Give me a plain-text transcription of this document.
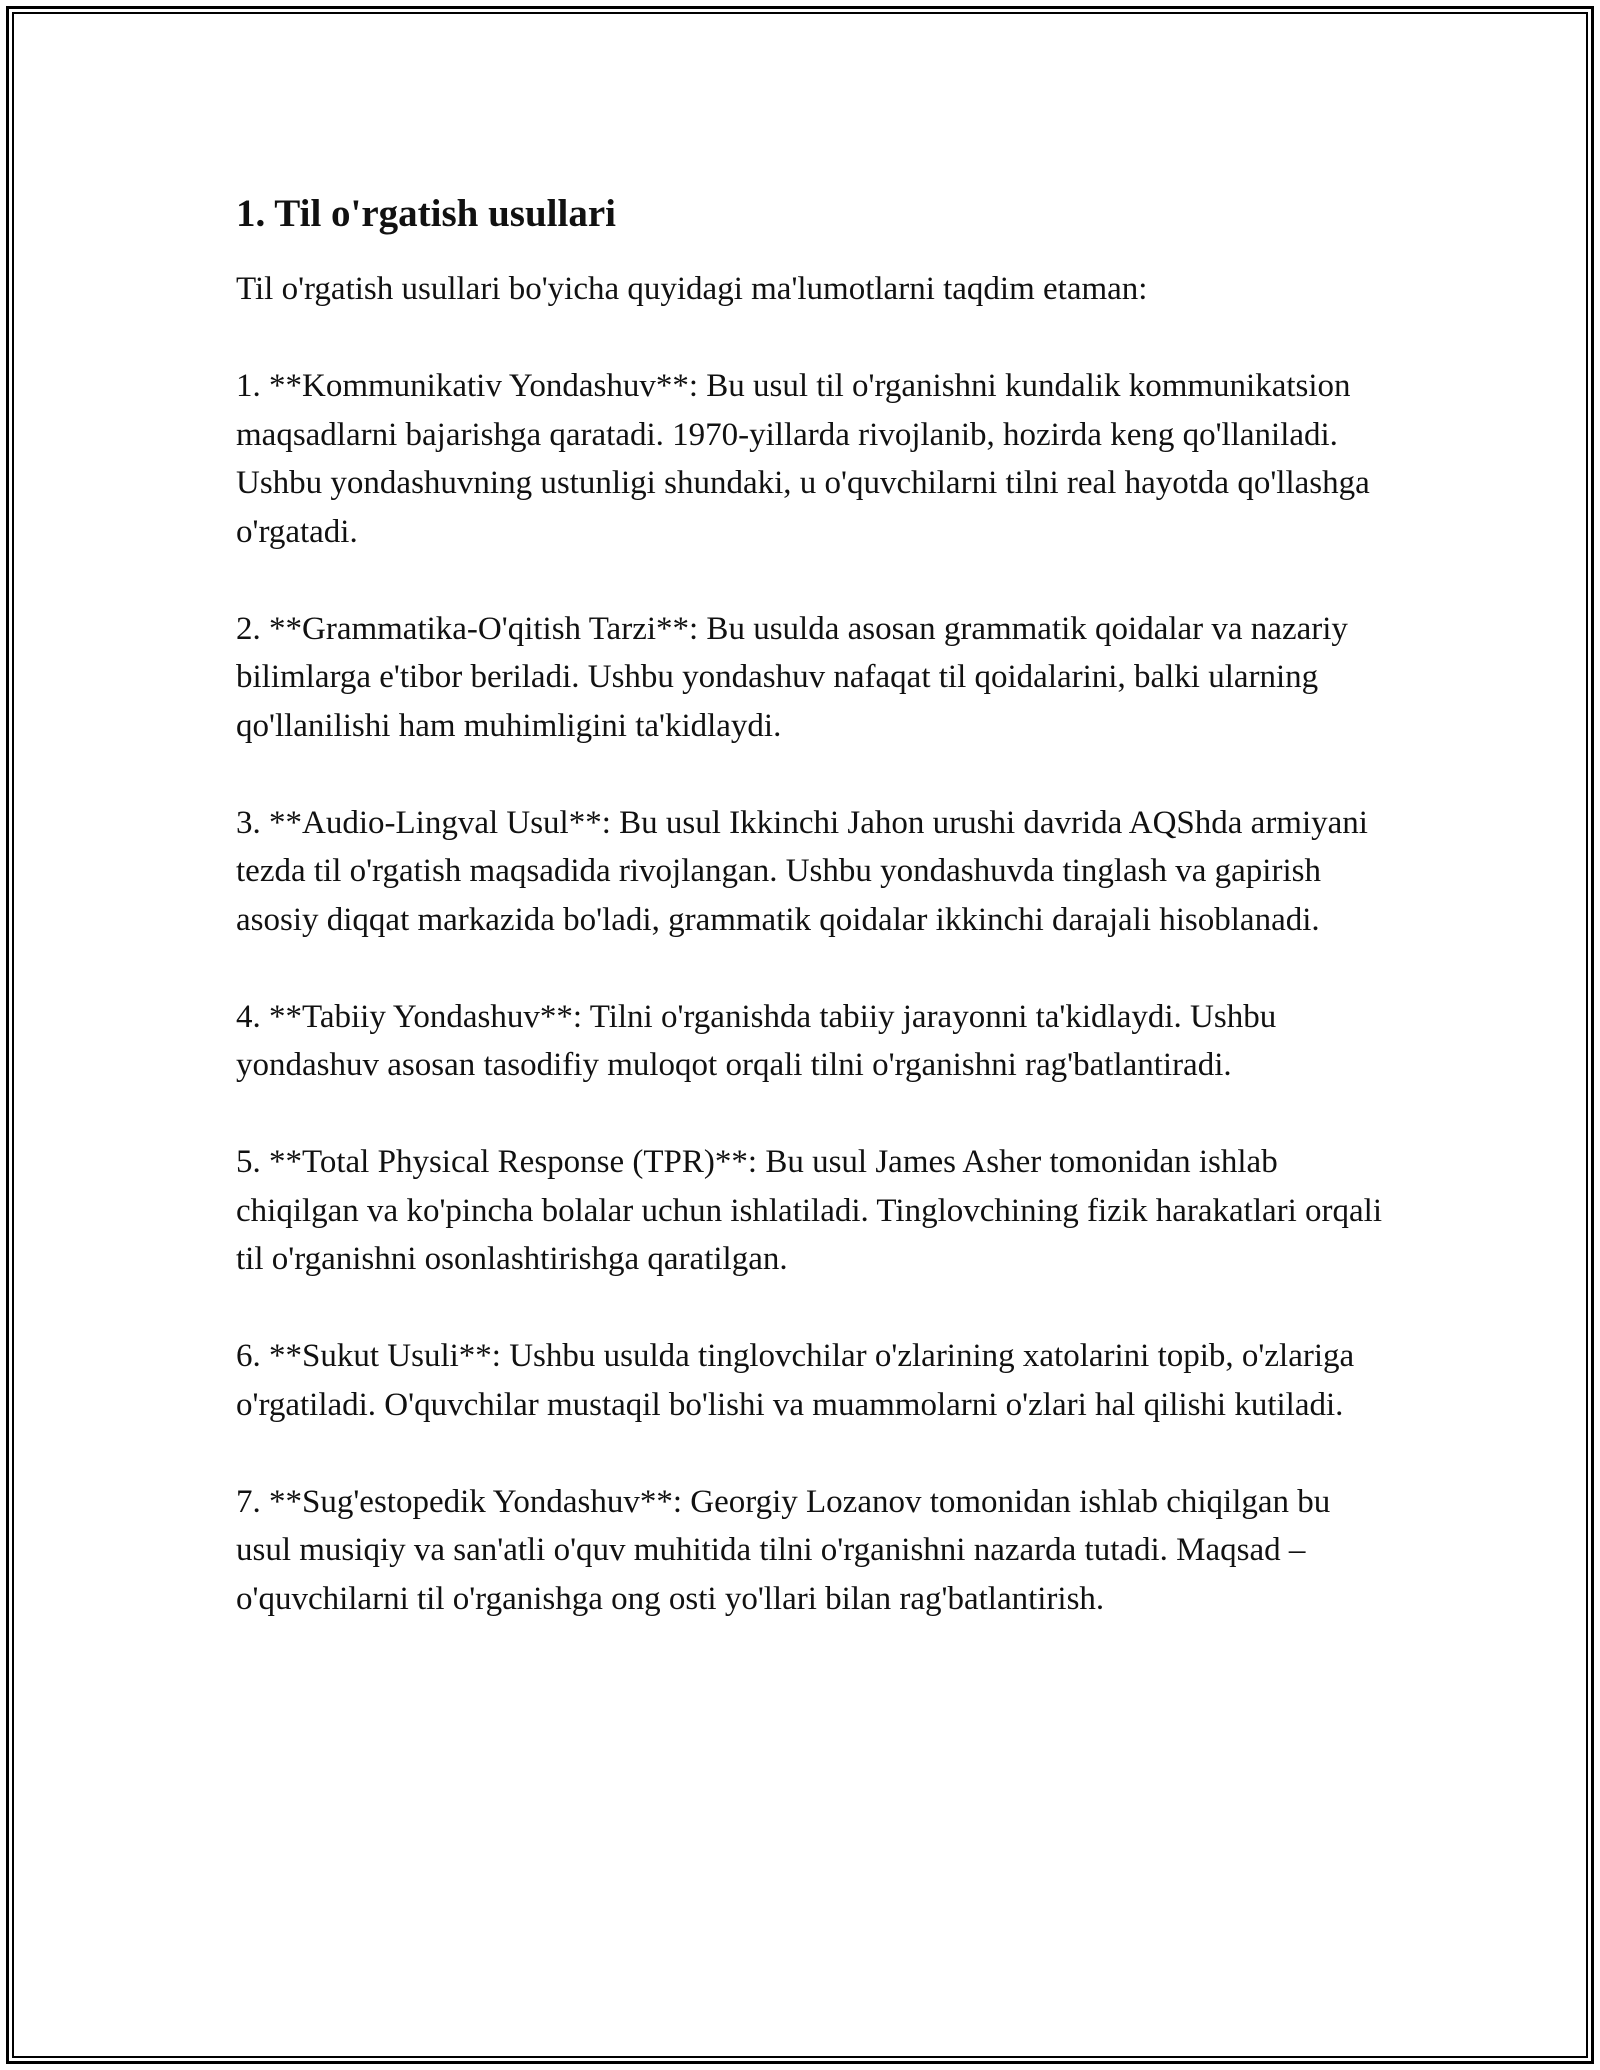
1. Til o'rgatish usullari

Til o'rgatish usullari bo'yicha quyidagi ma'lumotlarni taqdim etaman:

1. **Kommunikativ Yondashuv**: Bu usul til o'rganishni kundalik kommunikatsion maqsadlarni bajarishga qaratadi. 1970-yillarda rivojlanib, hozirda keng qo'llaniladi. Ushbu yondashuvning ustunligi shundaki, u o'quvchilarni tilni real hayotda qo'llashga o'rgatadi.

2. **Grammatika-O'qitish Tarzi**: Bu usulda asosan grammatik qoidalar va nazariy bilimlarga e'tibor beriladi. Ushbu yondashuv nafaqat til qoidalarini, balki ularning qo'llanilishi ham muhimligini ta'kidlaydi.

3. **Audio-Lingval Usul**: Bu usul Ikkinchi Jahon urushi davrida AQShda armiyani tezda til o'rgatish maqsadida rivojlangan. Ushbu yondashuvda tinglash va gapirish asosiy diqqat markazida bo'ladi, grammatik qoidalar ikkinchi darajali hisoblanadi.

4. **Tabiiy Yondashuv**: Tilni o'rganishda tabiiy jarayonni ta'kidlaydi. Ushbu yondashuv asosan tasodifiy muloqot orqali tilni o'rganishni rag'batlantiradi.

5. **Total Physical Response (TPR)**: Bu usul James Asher tomonidan ishlab chiqilgan va ko'pincha bolalar uchun ishlatiladi. Tinglovchining fizik harakatlari orqali til o'rganishni osonlashtirishga qaratilgan.

6. **Sukut Usuli**: Ushbu usulda tinglovchilar o'zlarining xatolarini topib, o'zlariga o'rgatiladi. O'quvchilar mustaqil bo'lishi va muammolarni o'zlari hal qilishi kutiladi.

7. **Sug'estopedik Yondashuv**: Georgiy Lozanov tomonidan ishlab chiqilgan bu usul musiqiy va san'atli o'quv muhitida tilni o'rganishni nazarda tutadi. Maqsad – o'quvchilarni til o'rganishga ong osti yo'llari bilan rag'batlantirish.
